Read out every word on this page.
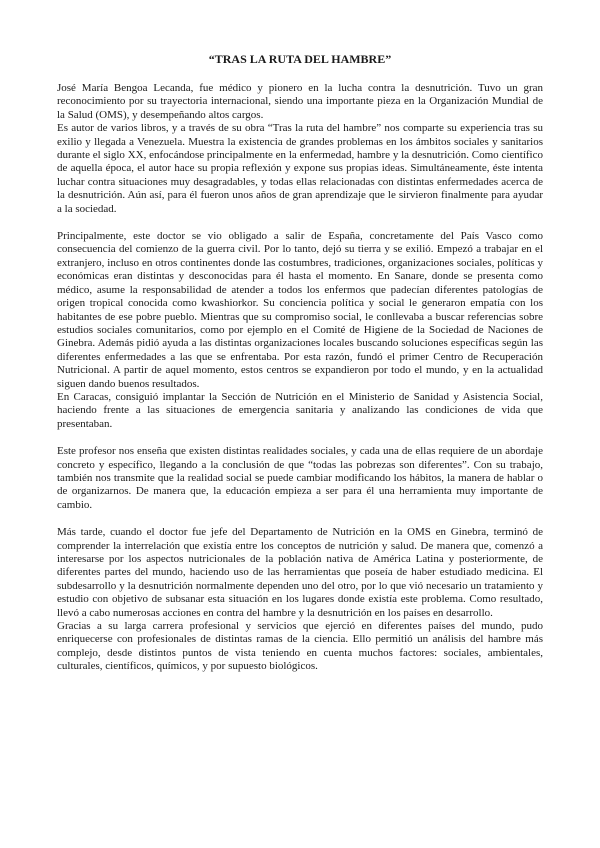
“TRAS LA RUTA DEL HAMBRE”

José María Bengoa Lecanda, fue médico y pionero en la lucha contra la desnutrición. Tuvo un gran reconocimiento por su trayectoria internacional, siendo una importante pieza en la Organización Mundial de la Salud (OMS), y desempeñando altos cargos.

Es autor de varios libros, y a través de su obra “Tras la ruta del hambre” nos comparte su experiencia tras su exilio y llegada a Venezuela. Muestra la existencia de grandes problemas en los ámbitos sociales y sanitarios durante el siglo XX, enfocándose principalmente en la enfermedad, hambre y la desnutrición. Como científico de aquella época, el autor hace su propia reflexión y expone sus propias ideas. Simultáneamente, éste intenta luchar contra situaciones muy desagradables, y todas ellas relacionadas con distintas enfermedades acerca de la desnutrición. Aún así, para él fueron unos años de gran aprendizaje que le sirvieron finalmente para ayudar a la sociedad.

Principalmente, este doctor se vio obligado a salir de España, concretamente del País Vasco como consecuencia del comienzo de la guerra civil. Por lo tanto, dejó su tierra y se exilió. Empezó a trabajar en el extranjero, incluso en otros continentes donde las costumbres, tradiciones, organizaciones sociales, políticas y económicas eran distintas y desconocidas para él hasta el momento. En Sanare, donde se presenta como médico, asume la responsabilidad de atender a todos los enfermos que padecían diferentes patologías de origen tropical conocida como kwashiorkor. Su conciencia política y social le generaron empatía con los habitantes de ese pobre pueblo. Mientras que su compromiso social, le conllevaba a buscar referencias sobre estudios sociales comunitarios, como por ejemplo en el Comité de Higiene de la Sociedad de Naciones de Ginebra. Además pidió ayuda a las distintas organizaciones locales buscando soluciones específicas según las diferentes enfermedades a las que se enfrentaba. Por esta razón, fundó el primer Centro de Recuperación Nutricional. A partir de aquel momento, estos centros se expandieron por todo el mundo, y en la actualidad siguen dando buenos resultados.

En Caracas, consiguió implantar la Sección de Nutrición en el Ministerio de Sanidad y Asistencia Social, haciendo frente a las situaciones de emergencia sanitaria y analizando las condiciones de vida que presentaban.

Este profesor nos enseña que existen distintas realidades sociales, y cada una de ellas requiere de un abordaje concreto y específico, llegando a la conclusión de que “todas las pobrezas son diferentes”. Con su trabajo, también nos transmite que la realidad social se puede cambiar modificando los hábitos, la manera de hablar o de organizarnos. De manera que, la educación empieza a ser para él una herramienta muy importante de cambio.

Más tarde, cuando el doctor fue jefe del Departamento de Nutrición en la OMS en Ginebra, terminó de comprender la interrelación que existía entre los conceptos de nutrición y salud. De manera que, comenzó a interesarse por los aspectos nutricionales de la población nativa de América Latina y posteriormente, de diferentes partes del mundo, haciendo uso de las herramientas que poseía de haber estudiado medicina. El subdesarrollo y la desnutrición normalmente dependen uno del otro, por lo que vió necesario un tratamiento y estudio con objetivo de subsanar esta situación en los lugares donde existía este problema. Como resultado, llevó a cabo numerosas acciones en contra del hambre y la desnutrición en los países en desarrollo.

Gracias a su larga carrera profesional y servicios que ejerció en diferentes países del mundo, pudo enriquecerse con profesionales de distintas ramas de la ciencia. Ello permitió un análisis del hambre más complejo, desde distintos puntos de vista teniendo en cuenta muchos factores: sociales, ambientales, culturales, científicos, químicos, y por supuesto biológicos.
